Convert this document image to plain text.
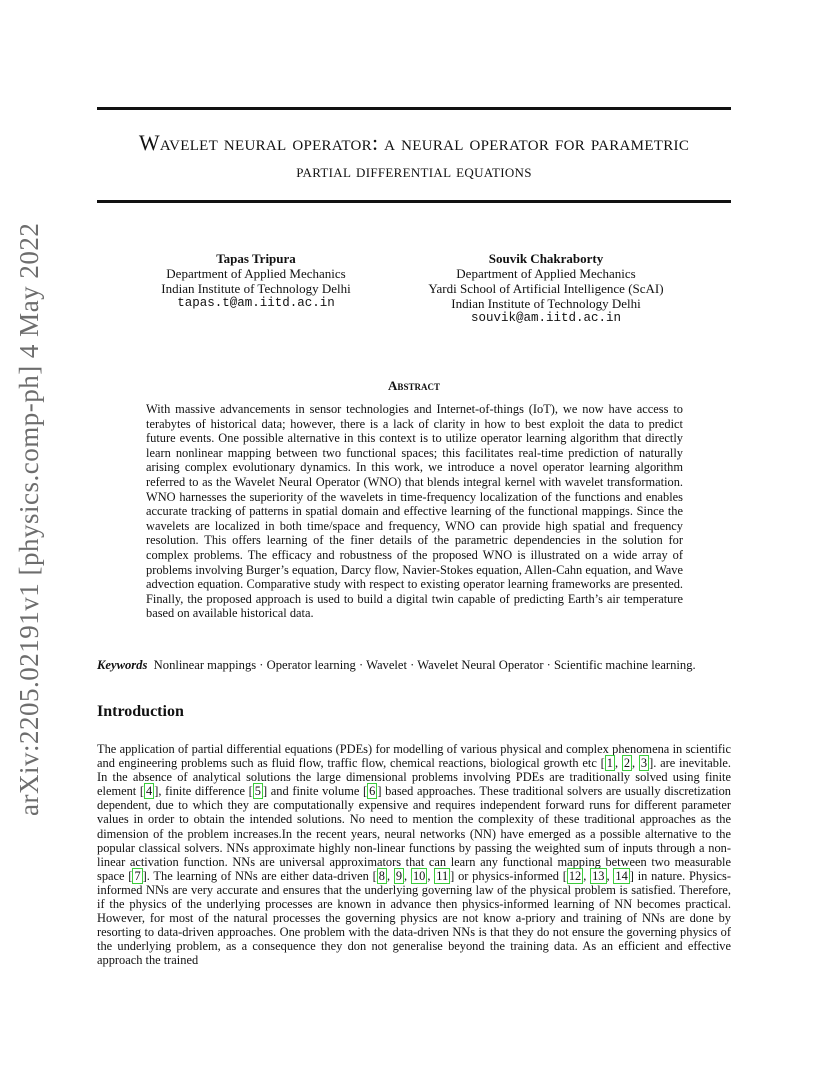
Wavelet neural operator: a neural operator for parametric
partial differential equations
arXiv:2205.02191v1 [physics.comp-ph] 4 May 2022	Tapas Tripura
Department of Applied Mechanics
Indian Institute of Technology Delhi
tapas.t@am.iitd.ac.in
Souvik Chakraborty
Department of Applied Mechanics
Yardi School of Artificial Intelligence (ScAI)
Indian Institute of Technology Delhi
souvik@am.iitd.ac.in
Abstract
With massive advancements in sensor technologies and Internet-of-things (IoT), we now have access to terabytes of historical data; however, there is a lack of clarity in how to best exploit the data to predict future events. One possible alternative in this context is to utilize operator learning algorithm that directly learn nonlinear mapping between two functional spaces; this facilitates real-time prediction of naturally arising complex evolutionary dynamics. In this work, we introduce a novel operator learning algorithm referred to as the Wavelet Neural Operator (WNO) that blends integral kernel with wavelet transformation. WNO harnesses the superiority of the wavelets in time-frequency localization of the functions and enables accurate tracking of patterns in spatial domain and effective learning of the functional mappings. Since the wavelets are localized in both time/space and frequency, WNO can provide high spatial and frequency resolution. This offers learning of the finer details of the parametric dependencies in the solution for complex problems. The efficacy and robustness of the proposed WNO is illustrated on a wide array of problems involving Burger’s equation, Darcy flow, Navier-Stokes equation, Allen-Cahn equation, and Wave advection equation. Comparative study with respect to existing operator learning frameworks are presented. Finally, the proposed approach is used to build a digital twin capable of predicting Earth’s air temperature based on available historical data.
Keywords Nonlinear mappings · Operator learning · Wavelet · Wavelet Neural Operator · Scientific machine learning.
Introduction
The application of partial differential equations (PDEs) for modelling of various physical and complex phenomena in scientific and engineering problems such as fluid flow, traffic flow, chemical reactions, biological growth etc [ 1 , 2 , 3 ]. are inevitable. In the absence of analytical solutions the large dimensional problems involving PDEs are traditionally solved using finite element [ 4 ], finite difference [ 5 ] and finite volume [ 6 ] based approaches. These traditional solvers are usually discretization dependent, due to which they are computationally expensive and requires independent forward runs for different parameter values in order to obtain the intended solutions. No need to mention the complexity of these traditional approaches as the dimension of the problem increases.In the recent years, neural networks (NN) have emerged as a possible alternative to the popular classical solvers. NNs approximate highly non-linear functions by passing the weighted sum of inputs through a non-linear activation function. NNs are universal approximators that can learn any functional mapping between two measurable space [ 7 ]. The learning of NNs are either data-driven [ 8 , 9 , 10 , 11 ] or physics-informed [ 12 , 13 , 14 ] in nature. Physics-informed NNs are very accurate and ensures that the underlying governing law of the physical problem is satisfied. Therefore, if the physics of the underlying processes are known in advance then physics-informed learning of NN becomes practical. However, for most of the natural processes the governing physics are not know a-priory and training of NNs are done by resorting to data-driven approaches. One problem with the data-driven NNs is that they do not ensure the governing physics of the underlying problem, as a consequence they don not generalise beyond the training data. As an efficient and effective approach the trained
